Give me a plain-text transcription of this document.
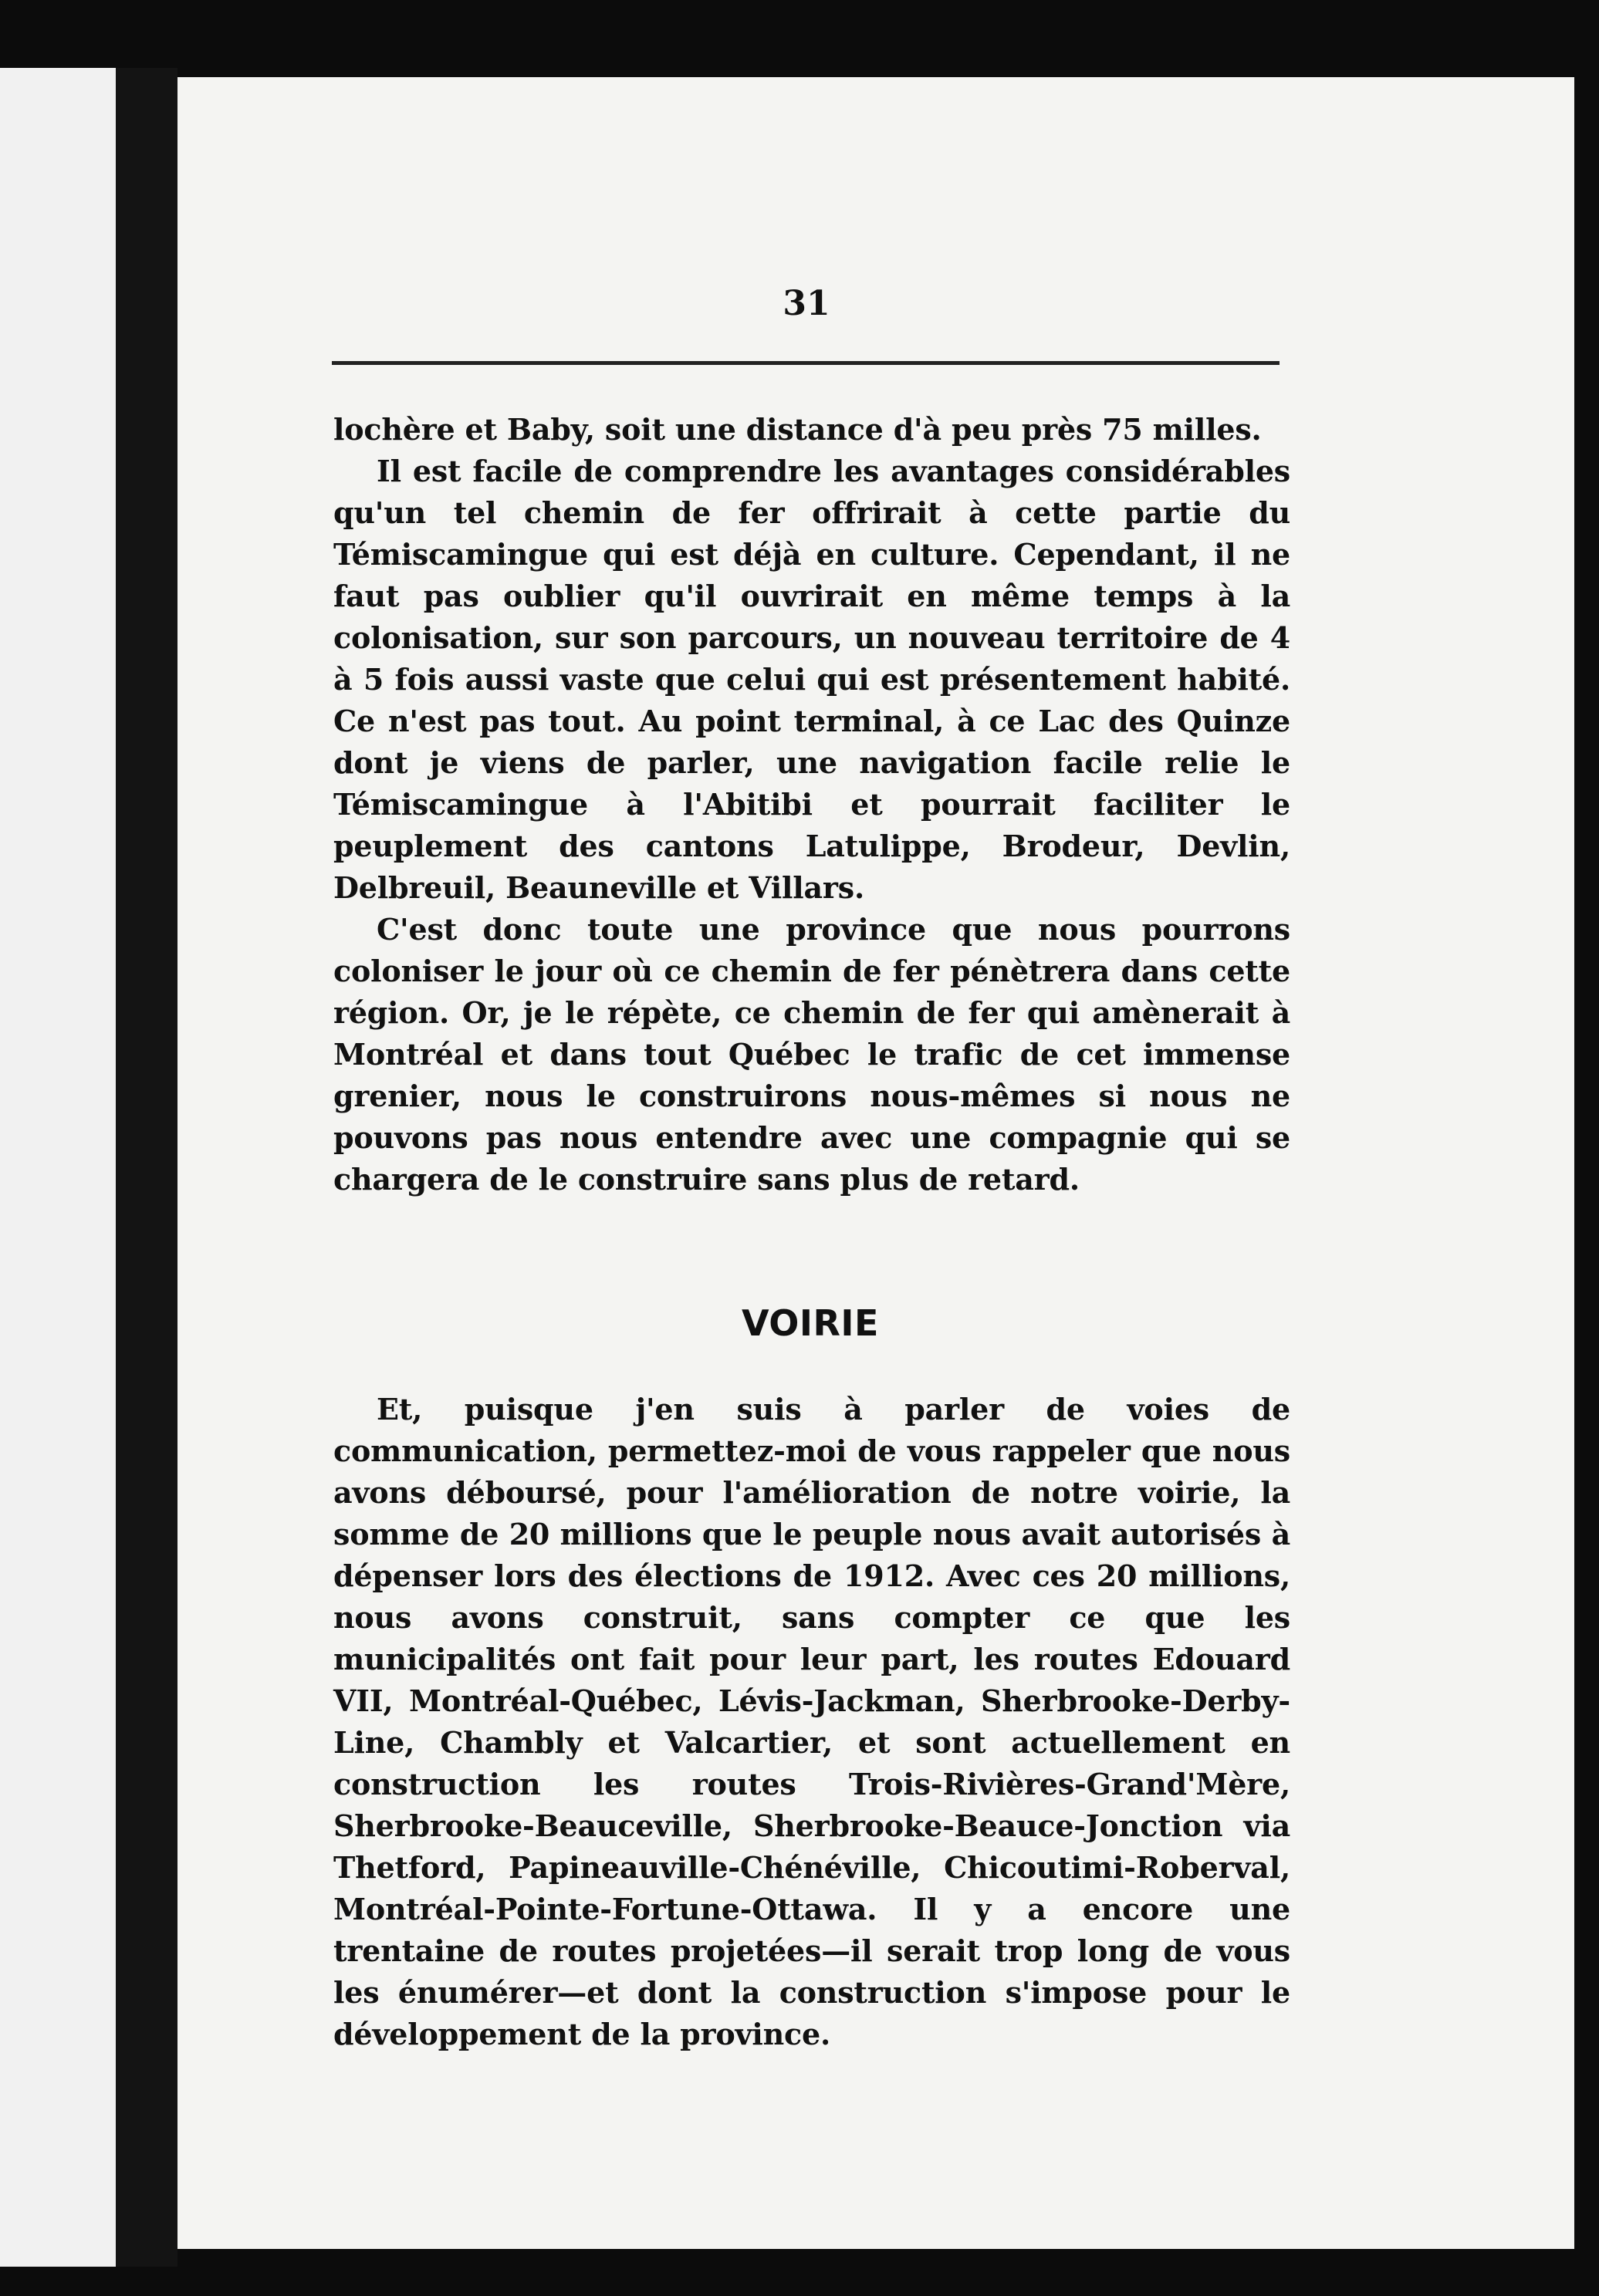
31

lochère et Baby, soit une distance d'à peu près 75 milles.

Il est facile de comprendre les avantages considérables qu'un tel chemin de fer offrirait à cette partie du Témiscamingue qui est déjà en culture. Cependant, il ne faut pas oublier qu'il ouvrirait en même temps à la colonisation, sur son parcours, un nouveau territoire de 4 à 5 fois aussi vaste que celui qui est présentement habité. Ce n'est pas tout. Au point terminal, à ce Lac des Quinze dont je viens de parler, une navigation facile relie le Témiscamingue à l'Abitibi et pourrait faciliter le peuplement des cantons Latulippe, Brodeur, Devlin, Delbreuil, Beauneville et Villars.

C'est donc toute une province que nous pourrons coloniser le jour où ce chemin de fer pénètrera dans cette région. Or, je le répète, ce chemin de fer qui amènerait à Montréal et dans tout Québec le trafic de cet immense grenier, nous le construirons nous-mêmes si nous ne pouvons pas nous entendre avec une compagnie qui se chargera de le construire sans plus de retard.

VOIRIE

Et, puisque j'en suis à parler de voies de communication, permettez-moi de vous rappeler que nous avons déboursé, pour l'amélioration de notre voirie, la somme de 20 millions que le peuple nous avait autorisés à dépenser lors des élections de 1912. Avec ces 20 millions, nous avons construit, sans compter ce que les municipalités ont fait pour leur part, les routes Edouard VII, Montréal-Québec, Lévis-Jackman, Sherbrooke-Derby-Line, Chambly et Valcartier, et sont actuellement en construction les routes Trois-Rivières-Grand'Mère, Sherbrooke-Beauceville, Sherbrooke-Beauce-Jonction via Thetford, Papineauville-Chénéville, Chicoutimi-Roberval, Montréal-Pointe-Fortune-Ottawa. Il y a encore une trentaine de routes projetées—il serait trop long de vous les énumérer—et dont la construction s'impose pour le développement de la province.
